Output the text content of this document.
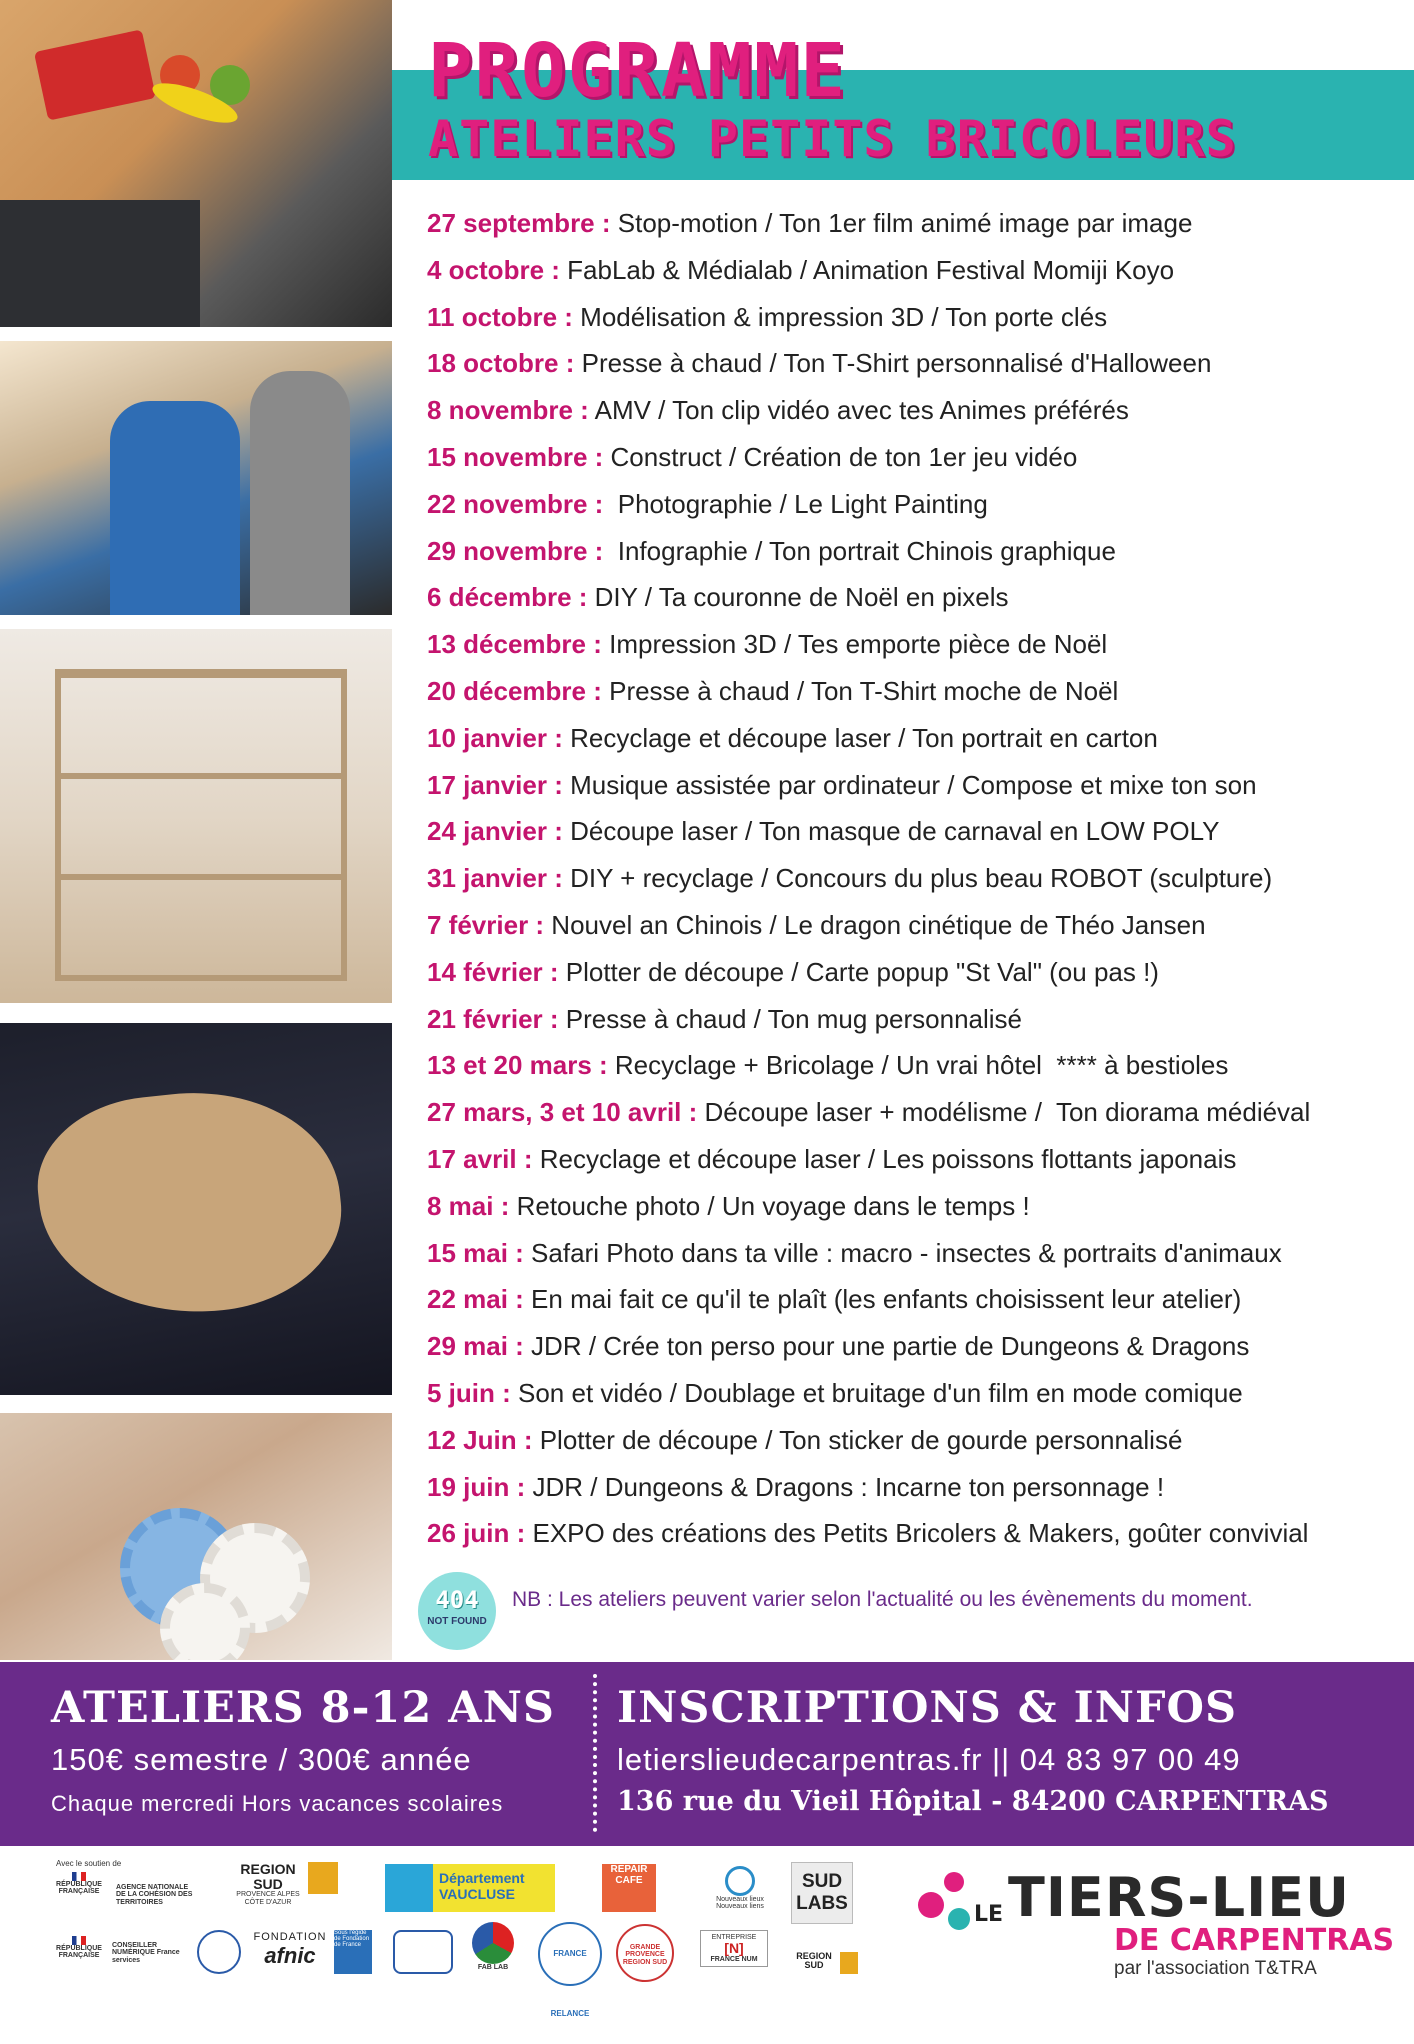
PROGRAMME
ATELIERS PETITS BRICOLEURS
27 septembre : Stop-motion / Ton 1er film animé image par image
4 octobre : FabLab & Médialab / Animation Festival Momiji Koyo
11 octobre : Modélisation & impression 3D / Ton porte clés
18 octobre : Presse à chaud / Ton T-Shirt personnalisé d'Halloween
8 novembre : AMV / Ton clip vidéo avec tes Animes préférés
15 novembre : Construct / Création de ton 1er jeu vidéo
22 novembre :  Photographie / Le Light Painting
29 novembre :  Infographie / Ton portrait Chinois graphique
6 décembre : DIY / Ta couronne de Noël en pixels
13 décembre : Impression 3D / Tes emporte pièce de Noël
20 décembre : Presse à chaud / Ton T-Shirt moche de Noël
10 janvier : Recyclage et découpe laser / Ton portrait en carton
17 janvier : Musique assistée par ordinateur / Compose et mixe ton son
24 janvier : Découpe laser / Ton masque de carnaval en LOW POLY
31 janvier : DIY + recyclage / Concours du plus beau ROBOT (sculpture)
7 février : Nouvel an Chinois / Le dragon cinétique de Théo Jansen
14 février : Plotter de découpe / Carte popup "St Val" (ou pas !)
21 février : Presse à chaud / Ton mug personnalisé
13 et 20 mars : Recyclage + Bricolage / Un vrai hôtel  **** à bestioles
27 mars, 3 et 10 avril : Découpe laser + modélisme /  Ton diorama médiéval
17 avril : Recyclage et découpe laser / Les poissons flottants japonais
8 mai : Retouche photo / Un voyage dans le temps !
15 mai : Safari Photo dans ta ville : macro - insectes & portraits d'animaux
22 mai : En mai fait ce qu'il te plaît (les enfants choisissent leur atelier)
29 mai : JDR / Crée ton perso pour une partie de Dungeons & Dragons
5 juin : Son et vidéo / Doublage et bruitage d'un film en mode comique
12 Juin : Plotter de découpe / Ton sticker de gourde personnalisé
19 juin : JDR / Dungeons & Dragons : Incarne ton personnage !
26 juin : EXPO des créations des Petits Bricolers & Makers, goûter convivial
404
NOT FOUND
NB : Les ateliers peuvent varier selon l'actualité ou les évènements du moment.
ATELIERS 8-12 ANS
150€ semestre / 300€ année
Chaque mercredi Hors vacances scolaires
INSCRIPTIONS & INFOS
letierslieudecarpentras.fr || 04 83 97 00 49
136 rue du Vieil Hôpital - 84200 CARPENTRAS
Avec le soutien de
RÉPUBLIQUE FRANÇAISE
AGENCE NATIONALE DE LA COHÉSION DES TERRITOIRES
RÉPUBLIQUE FRANÇAISE
CONSEILLER NUMÉRIQUE France services
REGION SUD
PROVENCE ALPES CÔTE D'AZUR
FONDATION
afnic
Sous l'égide de Fondation de France
Département VAUCLUSE
FAB LAB
FRANCE RELANCE
REPAIR CAFE
GRANDE PROVENCE REGION SUD
Nouveaux lieux Nouveaux liens
ENTREPRISE
[N]
FRANCE NUM
SUD LABS
REGION SUD
LE TIERS-LIEU
DE CARPENTRAS
par l'association T&TRA
